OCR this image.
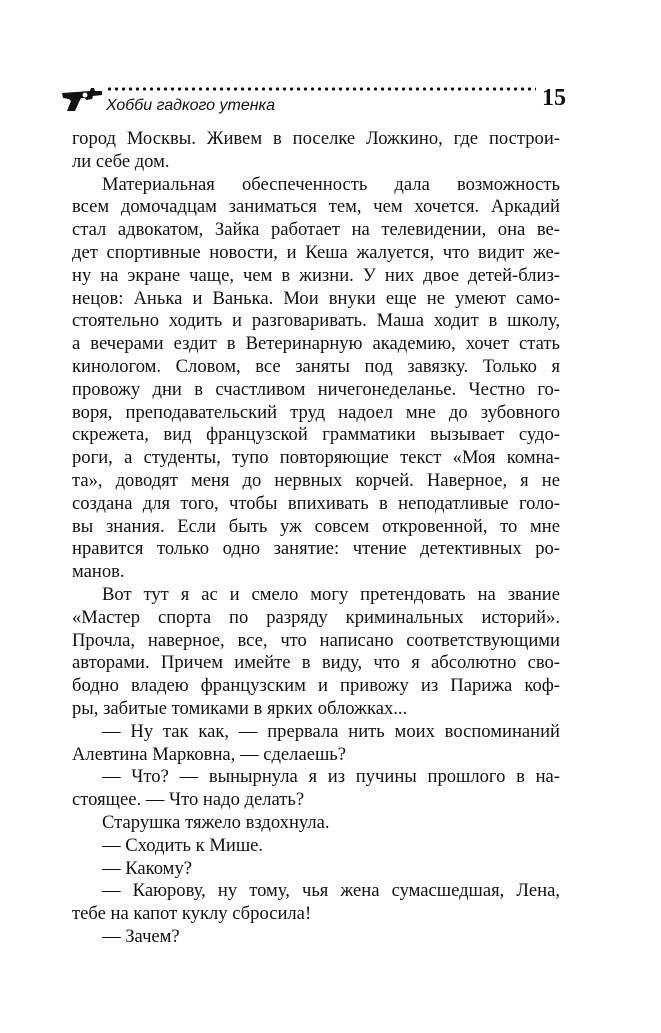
Хобби гадкого утенка	15
город Москвы. Живем в поселке Ложкино, где построи-
ли себе дом.
Материальная обеспеченность дала возможность
всем домочадцам заниматься тем, чем хочется. Аркадий
стал адвокатом, Зайка работает на телевидении, она ве-
дет спортивные новости, и Кеша жалуется, что видит же-
ну на экране чаще, чем в жизни. У них двое детей-близ-
нецов: Анька и Ванька. Мои внуки еще не умеют само-
стоятельно ходить и разговаривать. Маша ходит в школу,
а вечерами ездит в Ветеринарную академию, хочет стать
кинологом. Словом, все заняты под завязку. Только я
провожу дни в счастливом ничегонеделанье. Честно го-
воря, преподавательский труд надоел мне до зубовного
скрежета, вид французской грамматики вызывает судо-
роги, а студенты, тупо повторяющие текст «Моя комна-
та», доводят меня до нервных корчей. Наверное, я не
создана для того, чтобы впихивать в неподатливые голо-
вы знания. Если быть уж совсем откровенной, то мне
нравится только одно занятие: чтение детективных ро-
манов.
Вот тут я ас и смело могу претендовать на звание
«Мастер спорта по разряду криминальных историй».
Прочла, наверное, все, что написано соответствующими
авторами. Причем имейте в виду, что я абсолютно сво-
бодно владею французским и привожу из Парижа коф-
ры, забитые томиками в ярких обложках...
— Ну так как, — прервала нить моих воспоминаний
Алевтина Марковна, — сделаешь?
— Что? — вынырнула я из пучины прошлого в на-
стоящее. — Что надо делать?
Старушка тяжело вздохнула.
— Сходить к Мише.
— Какому?
— Каюрову, ну тому, чья жена сумасшедшая, Лена,
тебе на капот куклу сбросила!
— Зачем?
